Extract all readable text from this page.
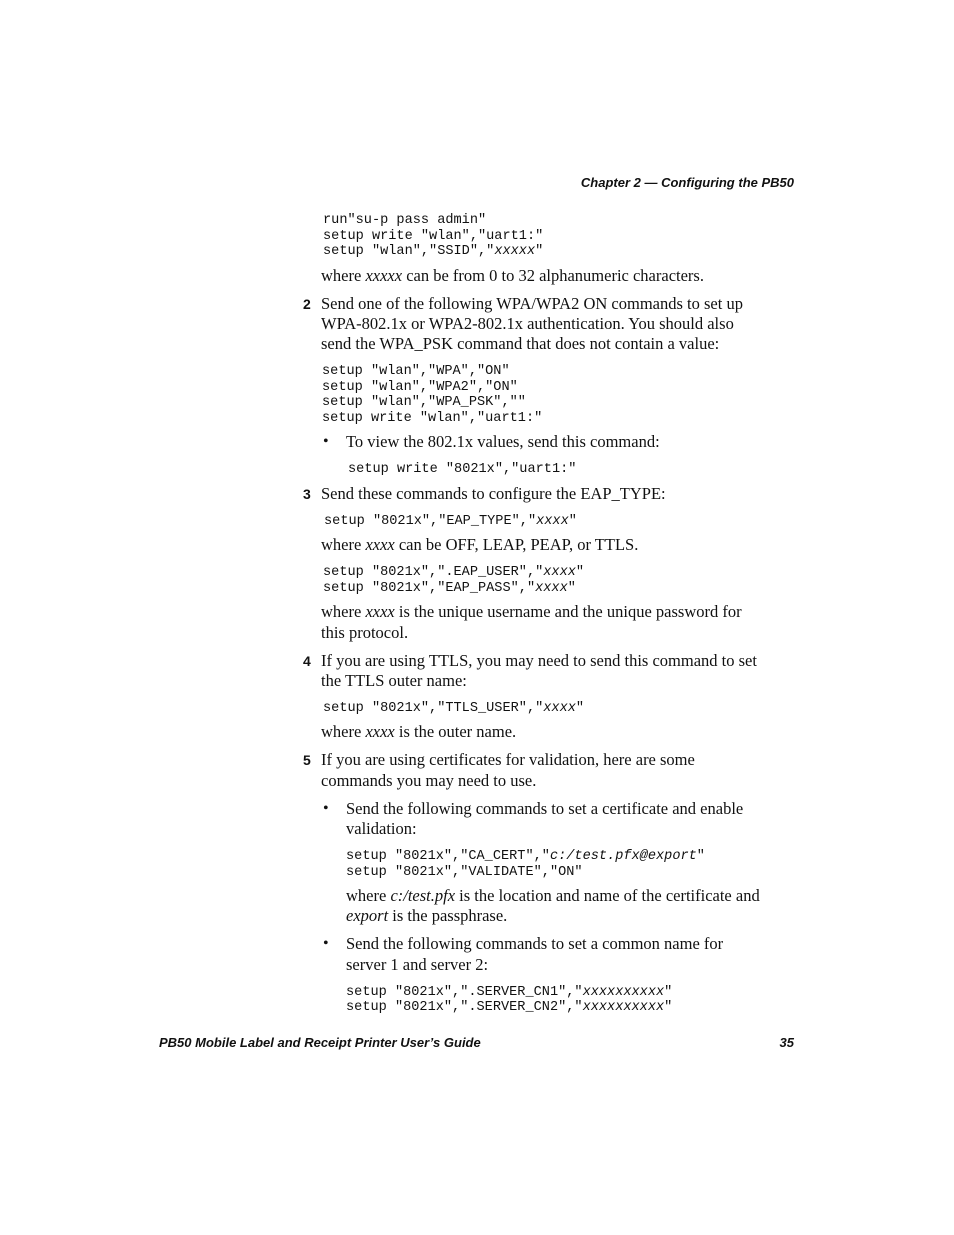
Chapter 2 — Configuring the PB50
run"su-p pass admin"
setup write "wlan","uart1:"
setup "wlan","SSID","xxxxx"
where xxxxx can be from 0 to 32 alphanumeric characters.
2 Send one of the following WPA/WPA2 ON commands to set up
WPA-802.1x or WPA2-802.1x authentication. You should also
send the WPA_PSK command that does not contain a value:
setup "wlan","WPA","ON"
setup "wlan","WPA2","ON"
setup "wlan","WPA_PSK",""
setup write "wlan","uart1:"
• To view the 802.1x values, send this command:
setup write "8021x","uart1:"
3 Send these commands to configure the EAP_TYPE:
setup "8021x","EAP_TYPE","xxxx"
where xxxx can be OFF, LEAP, PEAP, or TTLS.
setup "8021x",".EAP_USER","xxxx"
setup "8021x","EAP_PASS","xxxx"
where xxxx is the unique username and the unique password for
this protocol.
4 If you are using TTLS, you may need to send this command to set
the TTLS outer name:
setup "8021x","TTLS_USER","xxxx"
where xxxx is the outer name.
5 If you are using certificates for validation, here are some
commands you may need to use.
• Send the following commands to set a certificate and enable
validation:
setup "8021x","CA_CERT","c:/test.pfx@export"
setup "8021x","VALIDATE","ON"
where c:/test.pfx is the location and name of the certificate and
export is the passphrase.
• Send the following commands to set a common name for
server 1 and server 2:
setup "8021x",".SERVER_CN1","xxxxxxxxxx"
setup "8021x",".SERVER_CN2","xxxxxxxxxx"
PB50 Mobile Label and Receipt Printer User’s Guide	35
